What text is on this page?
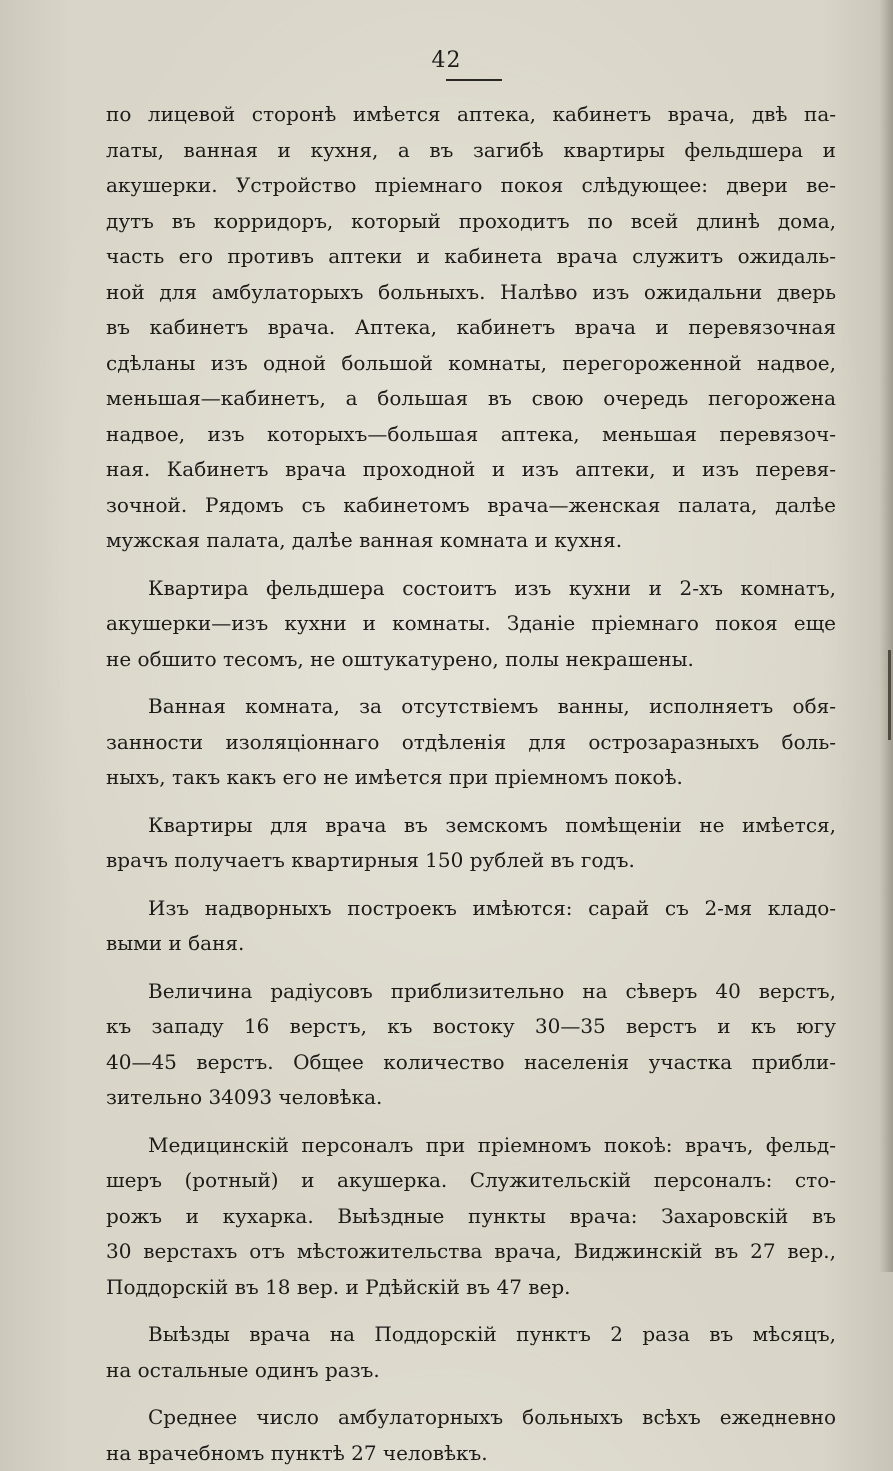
42
по лицевой сторонѣ имѣется аптека, кабинетъ врача, двѣ па-
латы, ванная и кухня, а въ загибѣ квартиры фельдшера и
акушерки. Устройство пріемнаго покоя слѣдующее: двери ве-
дутъ въ корридоръ, который проходитъ по всей длинѣ дома,
часть его противъ аптеки и кабинета врача служитъ ожидаль-
ной для амбулаторыхъ больныхъ. Налѣво изъ ожидальни дверь
въ кабинетъ врача. Аптека, кабинетъ врача и перевязочная
сдѣланы изъ одной большой комнаты, перегороженной надвое,
меньшая—кабинетъ, а большая въ свою очередь пегорожена
надвое, изъ которыхъ—большая аптека, меньшая перевязоч-
ная. Кабинетъ врача проходной и изъ аптеки, и изъ перевя-
зочной. Рядомъ съ кабинетомъ врача—женская палата, далѣе
мужская палата, далѣе ванная комната и кухня.
Квартира фельдшера состоитъ изъ кухни и 2-хъ комнатъ,
акушерки—изъ кухни и комнаты. Зданіе пріемнаго покоя еще
не обшито тесомъ, не оштукатурено, полы некрашены.
Ванная комната, за отсутствіемъ ванны, исполняетъ обя-
занности изоляціоннаго отдѣленія для острозаразныхъ боль-
ныхъ, такъ какъ его не имѣется при пріемномъ покоѣ.
Квартиры для врача въ земскомъ помѣщеніи не имѣется,
врачъ получаетъ квартирныя 150 рублей въ годъ.
Изъ надворныхъ построекъ имѣются: сарай съ 2-мя кладо-
выми и баня.
Величина радіусовъ приблизительно на сѣверъ 40 верстъ,
къ западу 16 верстъ, къ востоку 30—35 верстъ и къ югу
40—45 верстъ. Общее количество населенія участка прибли-
зительно 34093 человѣка.
Медицинскій персоналъ при пріемномъ покоѣ: врачъ, фельд-
шеръ (ротный) и акушерка. Служительскій персоналъ: сто-
рожъ и кухарка. Выѣздные пункты врача: Захаровскій въ
30 верстахъ отъ мѣстожительства врача, Виджинскій въ 27 вер.,
Поддорскій въ 18 вер. и Рдѣйскій въ 47 вер.
Выѣзды врача на Поддорскій пунктъ 2 раза въ мѣсяцъ,
на остальные одинъ разъ.
Среднее число амбулаторныхъ больныхъ всѣхъ ежедневно
на врачебномъ пунктѣ 27 человѣкъ.
